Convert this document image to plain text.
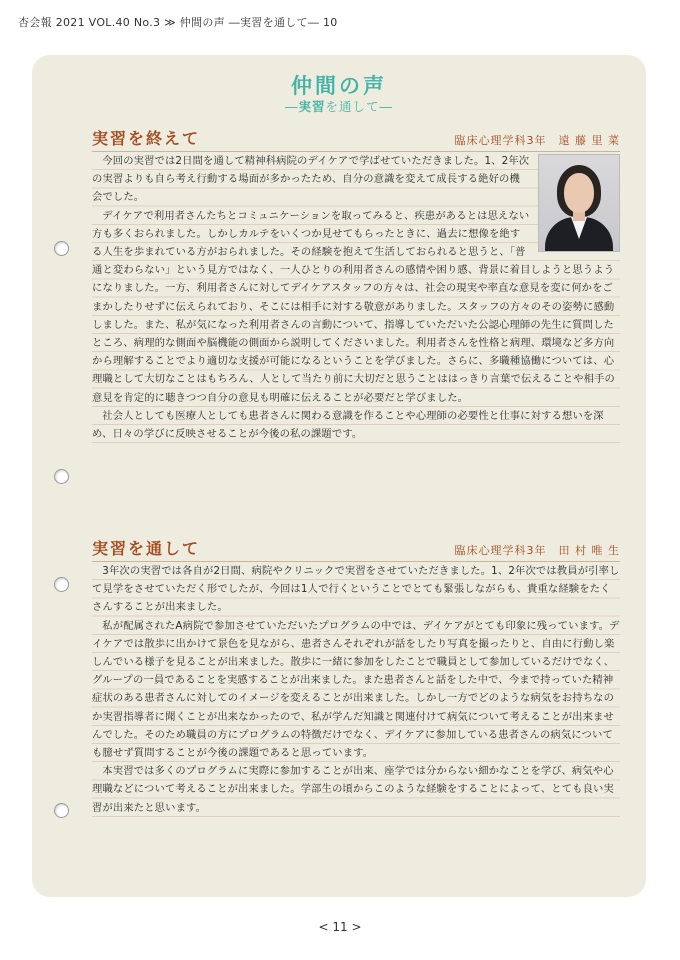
杏会報 2021 VOL.40 No.3 ≫ 仲間の声 ―実習を通して― 10
仲間の声
―実習を通して―
実習を終えて	臨床心理学科3年 遠 藤 里 菜

今回の実習では2日間を通して精神科病院のデイケアで学ばせていただきました。1、2年次の実習よりも自ら考え行動する場面が多かったため、自分の意識を変えて成長する絶好の機会でした。

デイケアで利用者さんたちとコミュニケーションを取ってみると、疾患があるとは思えない方も多くおられました。しかしカルテをいくつか見せてもらったときに、過去に想像を絶する人生を歩まれている方がおられました。その経験を抱えて生活しておられると思うと、「普通と変わらない」という見方ではなく、一人ひとりの利用者さんの感情や困り感、背景に着目しようと思うようになりました。一方、利用者さんに対してデイケアスタッフの方々は、社会の現実や率直な意見を変に何かをごまかしたりせずに伝えられており、そこには相手に対する敬意がありました。スタッフの方々のその姿勢に感動しました。また、私が気になった利用者さんの言動について、指導していただいた公認心理師の先生に質問したところ、病理的な側面や脳機能の側面から説明してくださいました。利用者さんを性格と病理、環境など多方向から理解することでより適切な支援が可能になるということを学びました。さらに、多職種協働については、心理職として大切なことはもちろん、人として当たり前に大切だと思うことははっきり言葉で伝えることや相手の意見を肯定的に聴きつつ自分の意見も明確に伝えることが必要だと学びました。

社会人としても医療人としても患者さんに関わる意識を作ることや心理師の必要性と仕事に対する想いを深め、日々の学びに反映させることが今後の私の課題です。

実習を通して	臨床心理学科3年 田 村 唯 生

3年次の実習では各自が2日間、病院やクリニックで実習をさせていただきました。1、2年次では教員が引率して見学をさせていただく形でしたが、今回は1人で行くということでとても緊張しながらも、貴重な経験をたくさんすることが出来ました。

私が配属されたA病院で参加させていただいたプログラムの中では、デイケアがとても印象に残っています。デイケアでは散歩に出かけて景色を見ながら、患者さんそれぞれが話をしたり写真を撮ったりと、自由に行動し楽しんでいる様子を見ることが出来ました。散歩に一緒に参加をしたことで職員として参加しているだけでなく、グループの一員であることを実感することが出来ました。また患者さんと話をした中で、今まで持っていた精神症状のある患者さんに対してのイメージを変えることが出来ました。しかし一方でどのような病気をお持ちなのか実習指導者に聞くことが出来なかったので、私が学んだ知識と関連付けて病気について考えることが出来ませんでした。そのため職員の方にプログラムの特徴だけでなく、デイケアに参加している患者さんの病気についても臆せず質問することが今後の課題であると思っています。

本実習では多くのプログラムに実際に参加することが出来、座学では分からない細かなことを学び、病気や心理職などについて考えることが出来ました。学部生の頃からこのような経験をすることによって、とても良い実習が出来たと思います。

< 11 >
